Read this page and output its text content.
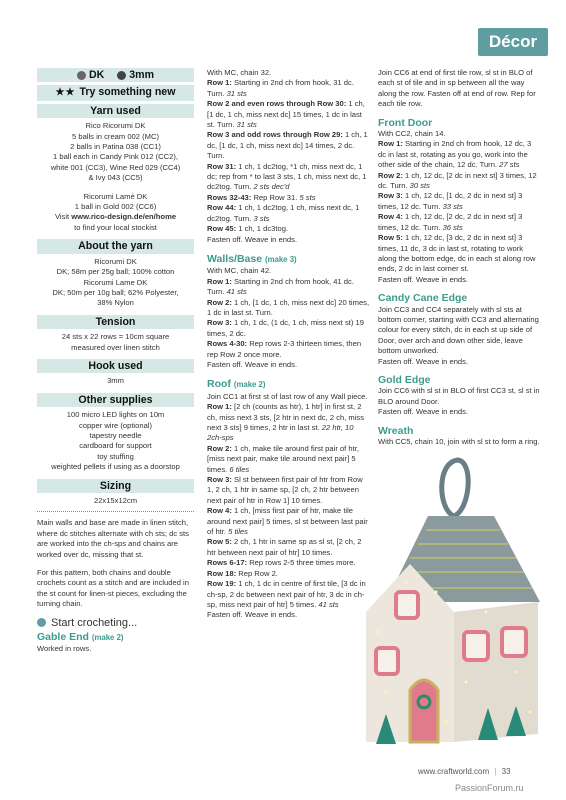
Décor
DK 3mm
★★ Try something new
Yarn used
Rico Ricorumi DK
5 balls in cream 002 (MC)
2 balls in Patina 038 (CC1)
1 ball each in Candy Pink 012 (CC2),
white 001 (CC3), Wine Red 029 (CC4)
& Ivy 043 (CC5)
Ricorumi Lamé DK
1 ball in Gold 002 (CC6)
Visit www.rico-design.de/en/home
to find your local stockist
About the yarn
Ricorumi DK
DK; 58m per 25g ball; 100% cotton
Ricorumi Lame DK
DK; 50m per 10g ball; 62% Polyester,
38% Nylon
Tension
24 sts x 22 rows = 10cm square
measured over linen stitch
Hook used
3mm
Other supplies
100 micro LED lights on 10m
copper wire (optional)
tapestry needle
cardboard for support
toy stuffing
weighted pellets if using as a doorstop
Sizing
22x15x12cm
Main walls and base are made in linen stitch, where dc stitches alternate with ch sts; dc sts are worked into the ch-sps and chains are worked over dc, missing that st.
For this pattern, both chains and double crochets count as a stitch and are included in the st count for linen-st pieces, excluding the turning chain.
Start crocheting...
Gable End (make 2)
Worked in rows.
With MC, chain 32.
Row 1: Starting in 2nd ch from hook, 31 dc. Turn. 31 sts
Row 2 and even rows through Row 30: 1 ch, [1 dc, 1 ch, miss next dc] 15 times, 1 dc in last st. Turn. 31 sts
Row 3 and odd rows through Row 29: 1 ch, 1 dc, [1 dc, 1 ch, miss next dc] 14 times, 2 dc. Turn.
Row 31: 1 ch, 1 dc2tog, *1 ch, miss next dc, 1 dc; rep from * to last 3 sts, 1 ch, miss next dc, 1 dc2tog. Turn. 2 sts dec'd
Rows 32-43: Rep Row 31. 5 sts
Row 44: 1 ch, 1 dc2tog, 1 ch, miss next dc, 1 dc2tog. Turn. 3 sts
Row 45: 1 ch, 1 dc3tog.
Fasten off. Weave in ends.
Walls/Base (make 3)
With MC, chain 42.
Row 1: Starting in 2nd ch from hook, 41 dc. Turn. 41 sts
Row 2: 1 ch, [1 dc, 1 ch, miss next dc] 20 times, 1 dc in last st. Turn.
Row 3: 1 ch, 1 dc, (1 dc, 1 ch, miss next st) 19 times, 2 dc.
Rows 4-30: Rep rows 2-3 thirteen times, then rep Row 2 once more.
Fasten off. Weave in ends.
Roof (make 2)
Join CC1 at first st of last row of any Wall piece.
Row 1: [2 ch (counts as htr), 1 htr] in first st, 2 ch, miss next 3 sts, [2 htr in next dc, 2 ch, miss next 3 sts] 9 times, 2 htr in last st. 22 htr, 10 2ch-sps
Row 2: 1 ch, make tile around first pair of htr, [miss next pair, make tile around next pair] 5 times. 6 tiles
Row 3: Sl st between first pair of htr from Row 1, 2 ch, 1 htr in same sp, [2 ch, 2 htr between next pair of htr in Row 1] 10 times.
Row 4: 1 ch, [miss first pair of htr, make tile around next pair] 5 times, sl st between last pair of htr. 5 tiles
Row 5: 2 ch, 1 htr in same sp as sl st, [2 ch, 2 htr between next pair of htr] 10 times.
Rows 6-17: Rep rows 2-5 three times more.
Row 18: Rep Row 2.
Row 19: 1 ch, 1 dc in centre of first tile, [3 dc in ch-sp, 2 dc between next pair of htr, 3 dc in ch-sp, miss next pair of htr] 5 times. 41 sts
Fasten off. Weave in ends.
Join CC6 at end of first tile row, sl st in BLO of each st of tile and in sp between all the way along the row. Fasten off at end of row. Rep for each tile row.
Front Door
With CC2, chain 14.
Row 1: Starting in 2nd ch from hook, 12 dc, 3 dc in last st, rotating as you go, work into the other side of the chain, 12 dc. Turn. 27 sts
Row 2: 1 ch, 12 dc, [2 dc in next st] 3 times, 12 dc. Turn. 30 sts
Row 3: 1 ch, 12 dc, [1 dc, 2 dc in next st] 3 times, 12 dc. Turn. 33 sts
Row 4: 1 ch, 12 dc, [2 dc, 2 dc in next st] 3 times, 12 dc. Turn. 36 sts
Row 5: 1 ch, 12 dc, [3 dc, 2 dc in next st] 3 times, 11 dc, 3 dc in last st, rotating to work along the bottom edge, dc in each st along row ends, 2 dc in last corner st.
Fasten off. Weave in ends.
Candy Cane Edge
Join CC3 and CC4 separately with sl sts at bottom corner, starting with CC3 and alternating colour for every stitch, dc in each st up side of Door, over arch and down other side, leave bottom unworked.
Fasten off. Weave in ends.
Gold Edge
Join CC6 with sl st in BLO of first CC3 st, sl st in BLO around Door.
Fasten off. Weave in ends.
Wreath
With CC5, chain 10, join with sl st to form a ring.
www.craftworld.com | 33
PassionForum.ru
